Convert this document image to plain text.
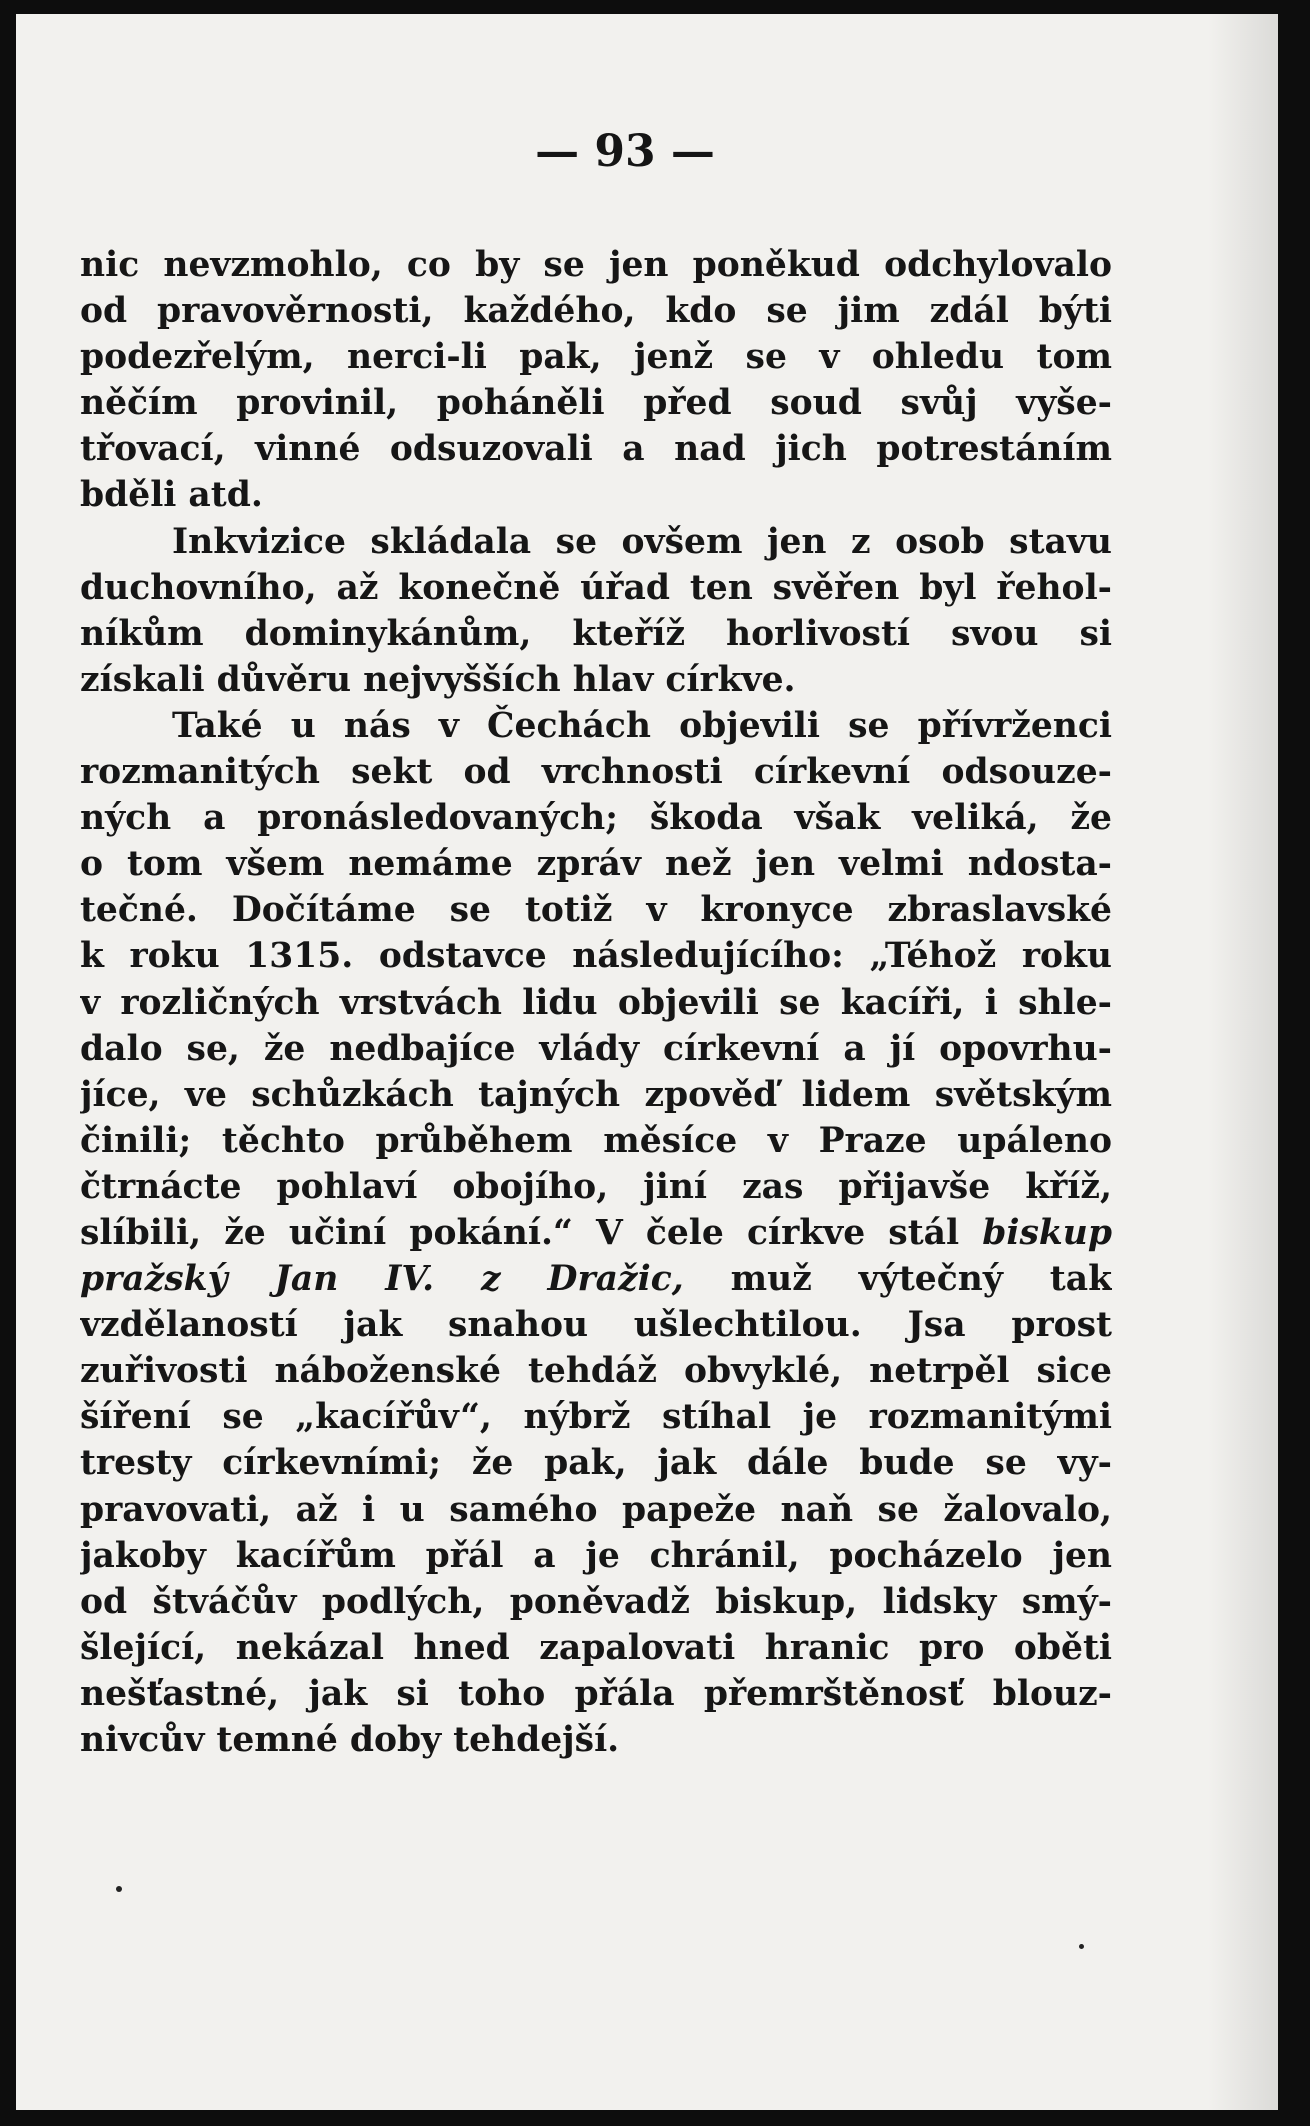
— 93 —
nic nevzmohlo, co by se jen poněkud odchylovalo
od pravověrnosti, každého, kdo se jim zdál býti
podezřelým, nerci-li pak, jenž se v ohledu tom
něčím provinil, poháněli před soud svůj vyše-
třovací, vinné odsuzovali a nad jich potrestáním
bděli atd.
Inkvizice skládala se ovšem jen z osob stavu
duchovního, až konečně úřad ten svěřen byl řehol-
níkům dominykánům, kteříž horlivostí svou si
získali důvěru nejvyšších hlav církve.
Také u nás v Čechách objevili se přívrženci
rozmanitých sekt od vrchnosti církevní odsouze-
ných a pronásledovaných; škoda však veliká, že
o tom všem nemáme zpráv než jen velmi ndosta-
tečné. Dočítáme se totiž v kronyce zbraslavské
k roku 1315. odstavce následujícího: „Téhož roku
v rozličných vrstvách lidu objevili se kacíři, i shle-
dalo se, že nedbajíce vlády církevní a jí opovrhu-
jíce, ve schůzkách tajných zpověď lidem světským
činili; těchto průběhem měsíce v Praze upáleno
čtrnácte pohlaví obojího, jiní zas přijavše kříž,
slíbili, že učiní pokání.“ V čele církve stál biskup
pražský Jan IV. z Dražic, muž výtečný tak
vzdělaností jak snahou ušlechtilou. Jsa prost
zuřivosti náboženské tehdáž obvyklé, netrpěl sice
šíření se „kacířův“, nýbrž stíhal je rozmanitými
tresty církevními; že pak, jak dále bude se vy-
pravovati, až i u samého papeže naň se žalovalo,
jakoby kacířům přál a je chránil, pocházelo jen
od štváčův podlých, poněvadž biskup, lidsky smý-
šlející, nekázal hned zapalovati hranic pro oběti
nešťastné, jak si toho přála přemrštěnosť blouz-
nivcův temné doby tehdejší.
